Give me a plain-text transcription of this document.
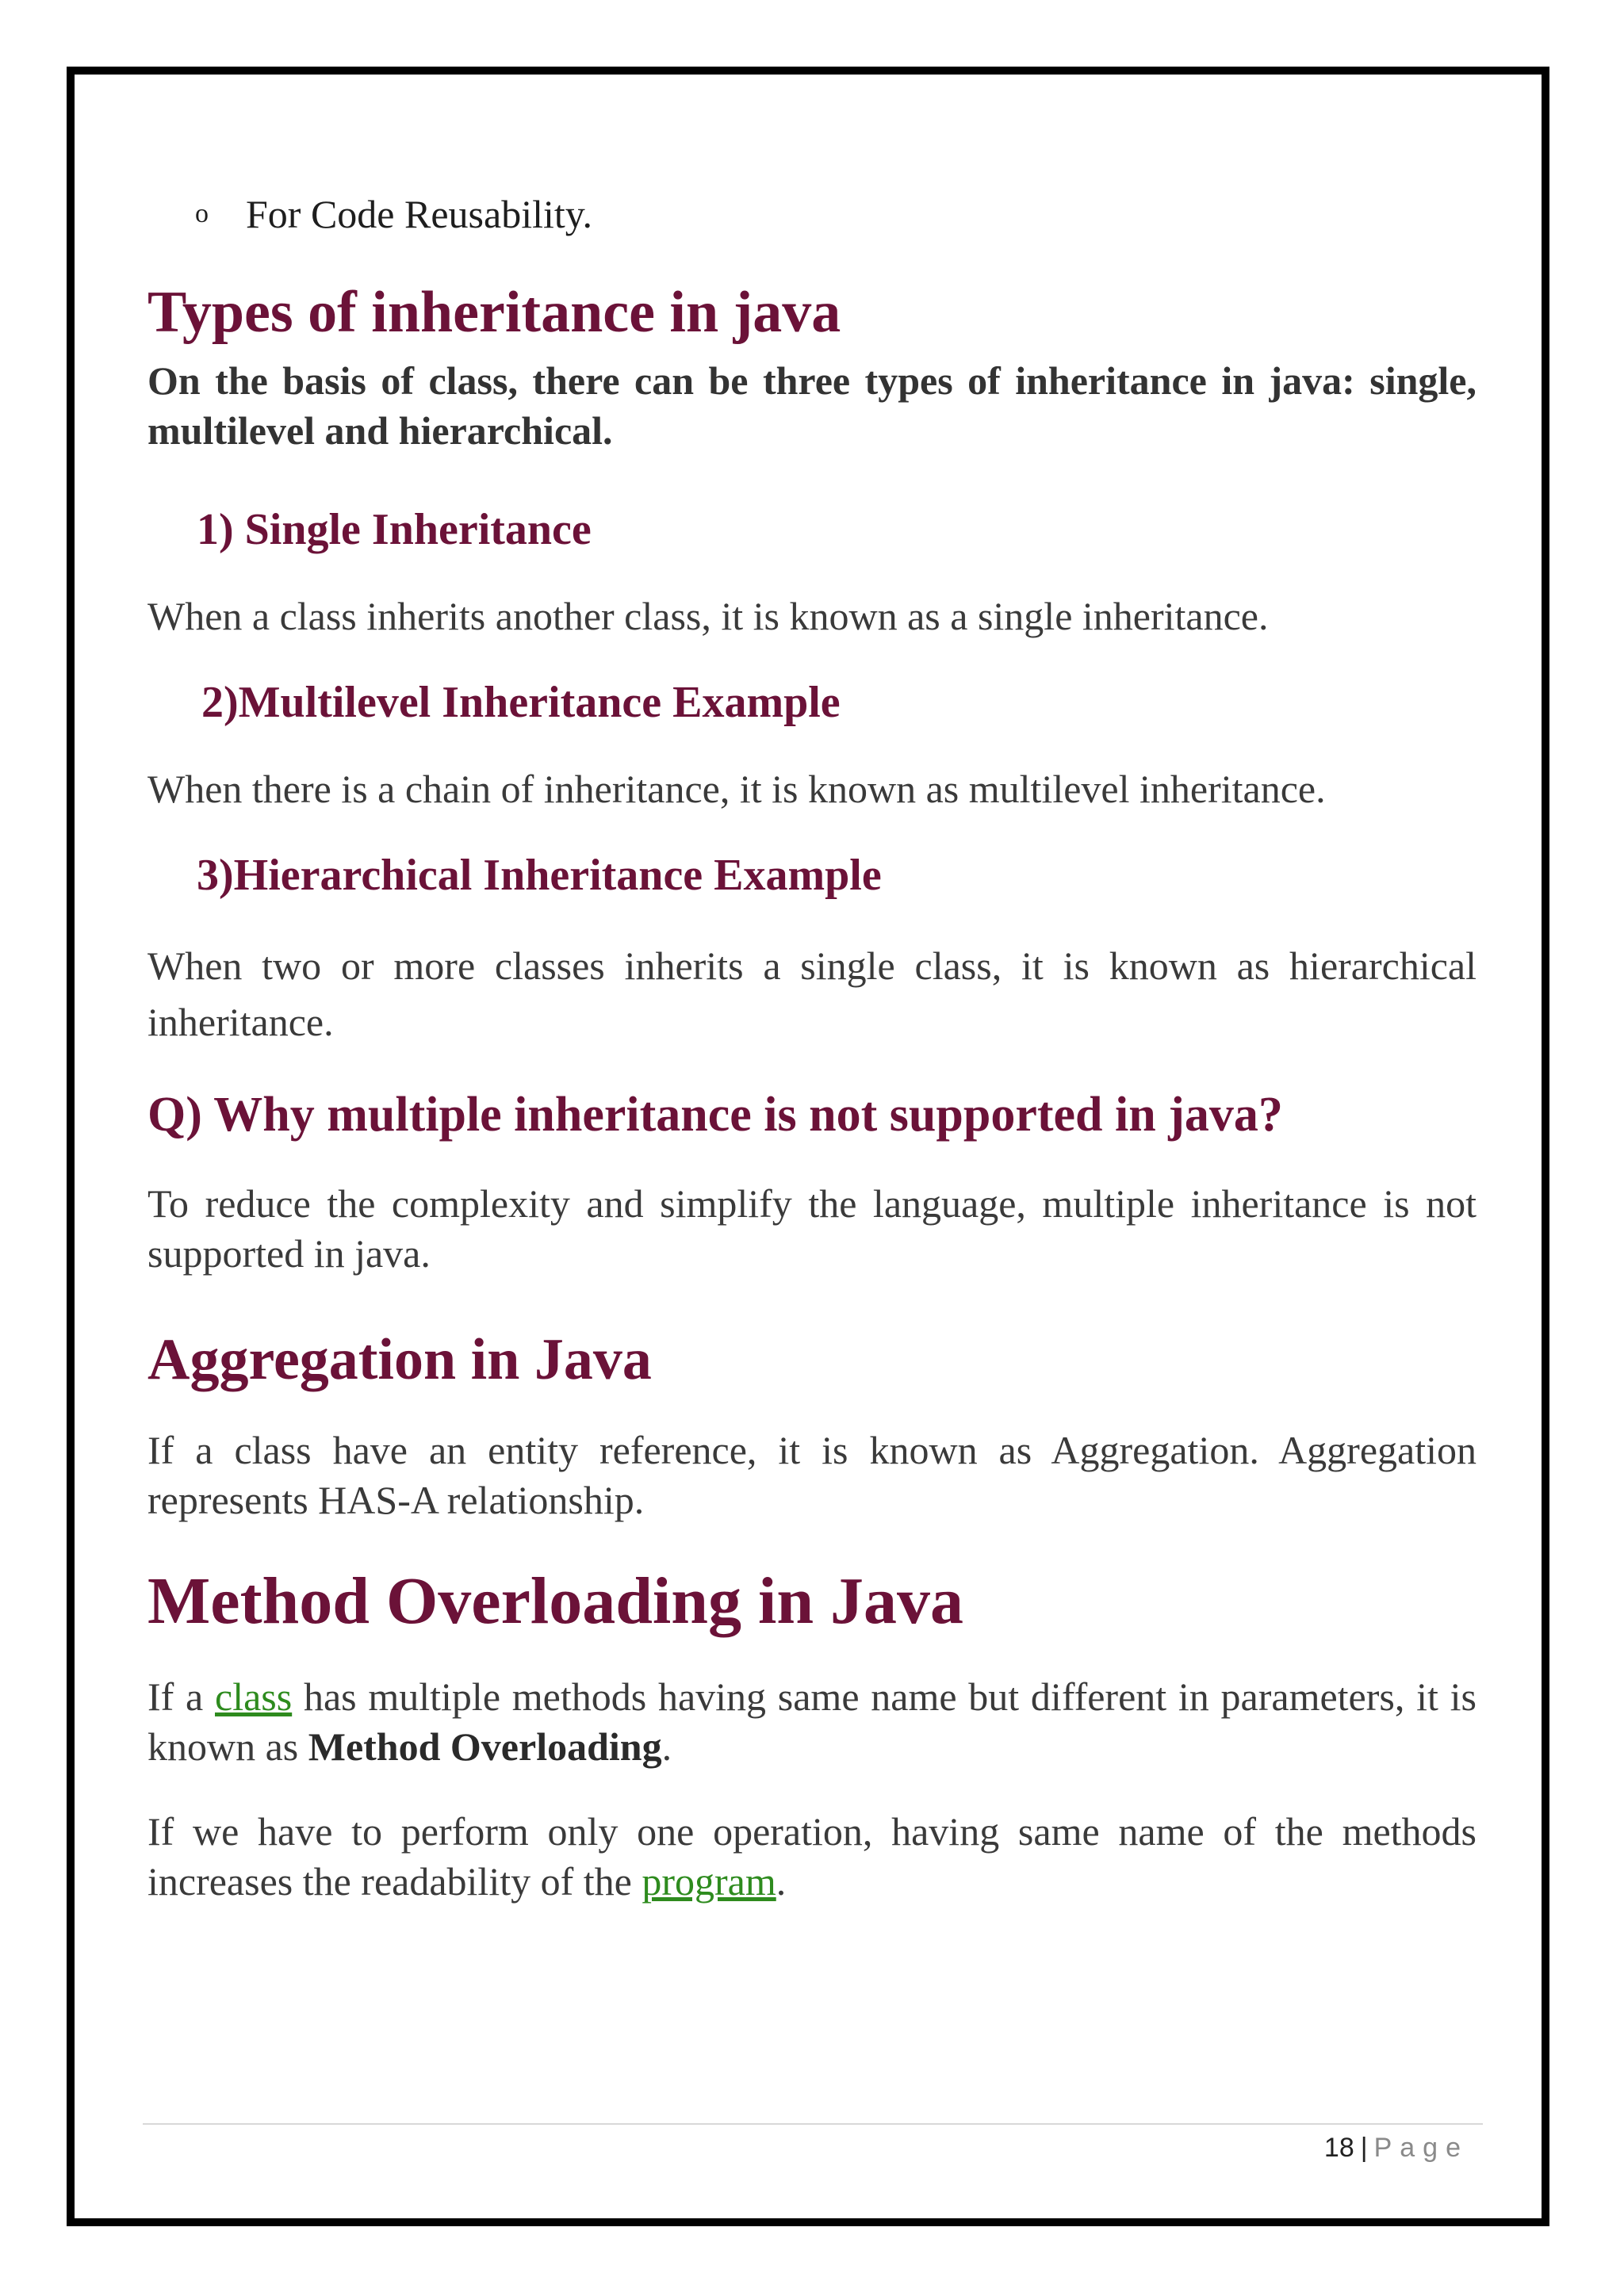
o For Code Reusability.
Types of inheritance in java
On the basis of class, there can be three types of inheritance in java: single, multilevel and hierarchical.
1) Single Inheritance

When a class inherits another class, it is known as a single inheritance.

2)Multilevel Inheritance Example

When there is a chain of inheritance, it is known as multilevel inheritance.

3)Hierarchical Inheritance Example

When two or more classes inherits a single class, it is known as hierarchical inheritance.

Q) Why multiple inheritance is not supported in java?

To reduce the complexity and simplify the language, multiple inheritance is not supported in java.

Aggregation in Java

If a class have an entity reference, it is known as Aggregation. Aggregation represents HAS-A relationship.

Method Overloading in Java

If a class has multiple methods having same name but different in parameters, it is known as Method Overloading.

If we have to perform only one operation, having same name of the methods increases the readability of the program.

18 | Page
